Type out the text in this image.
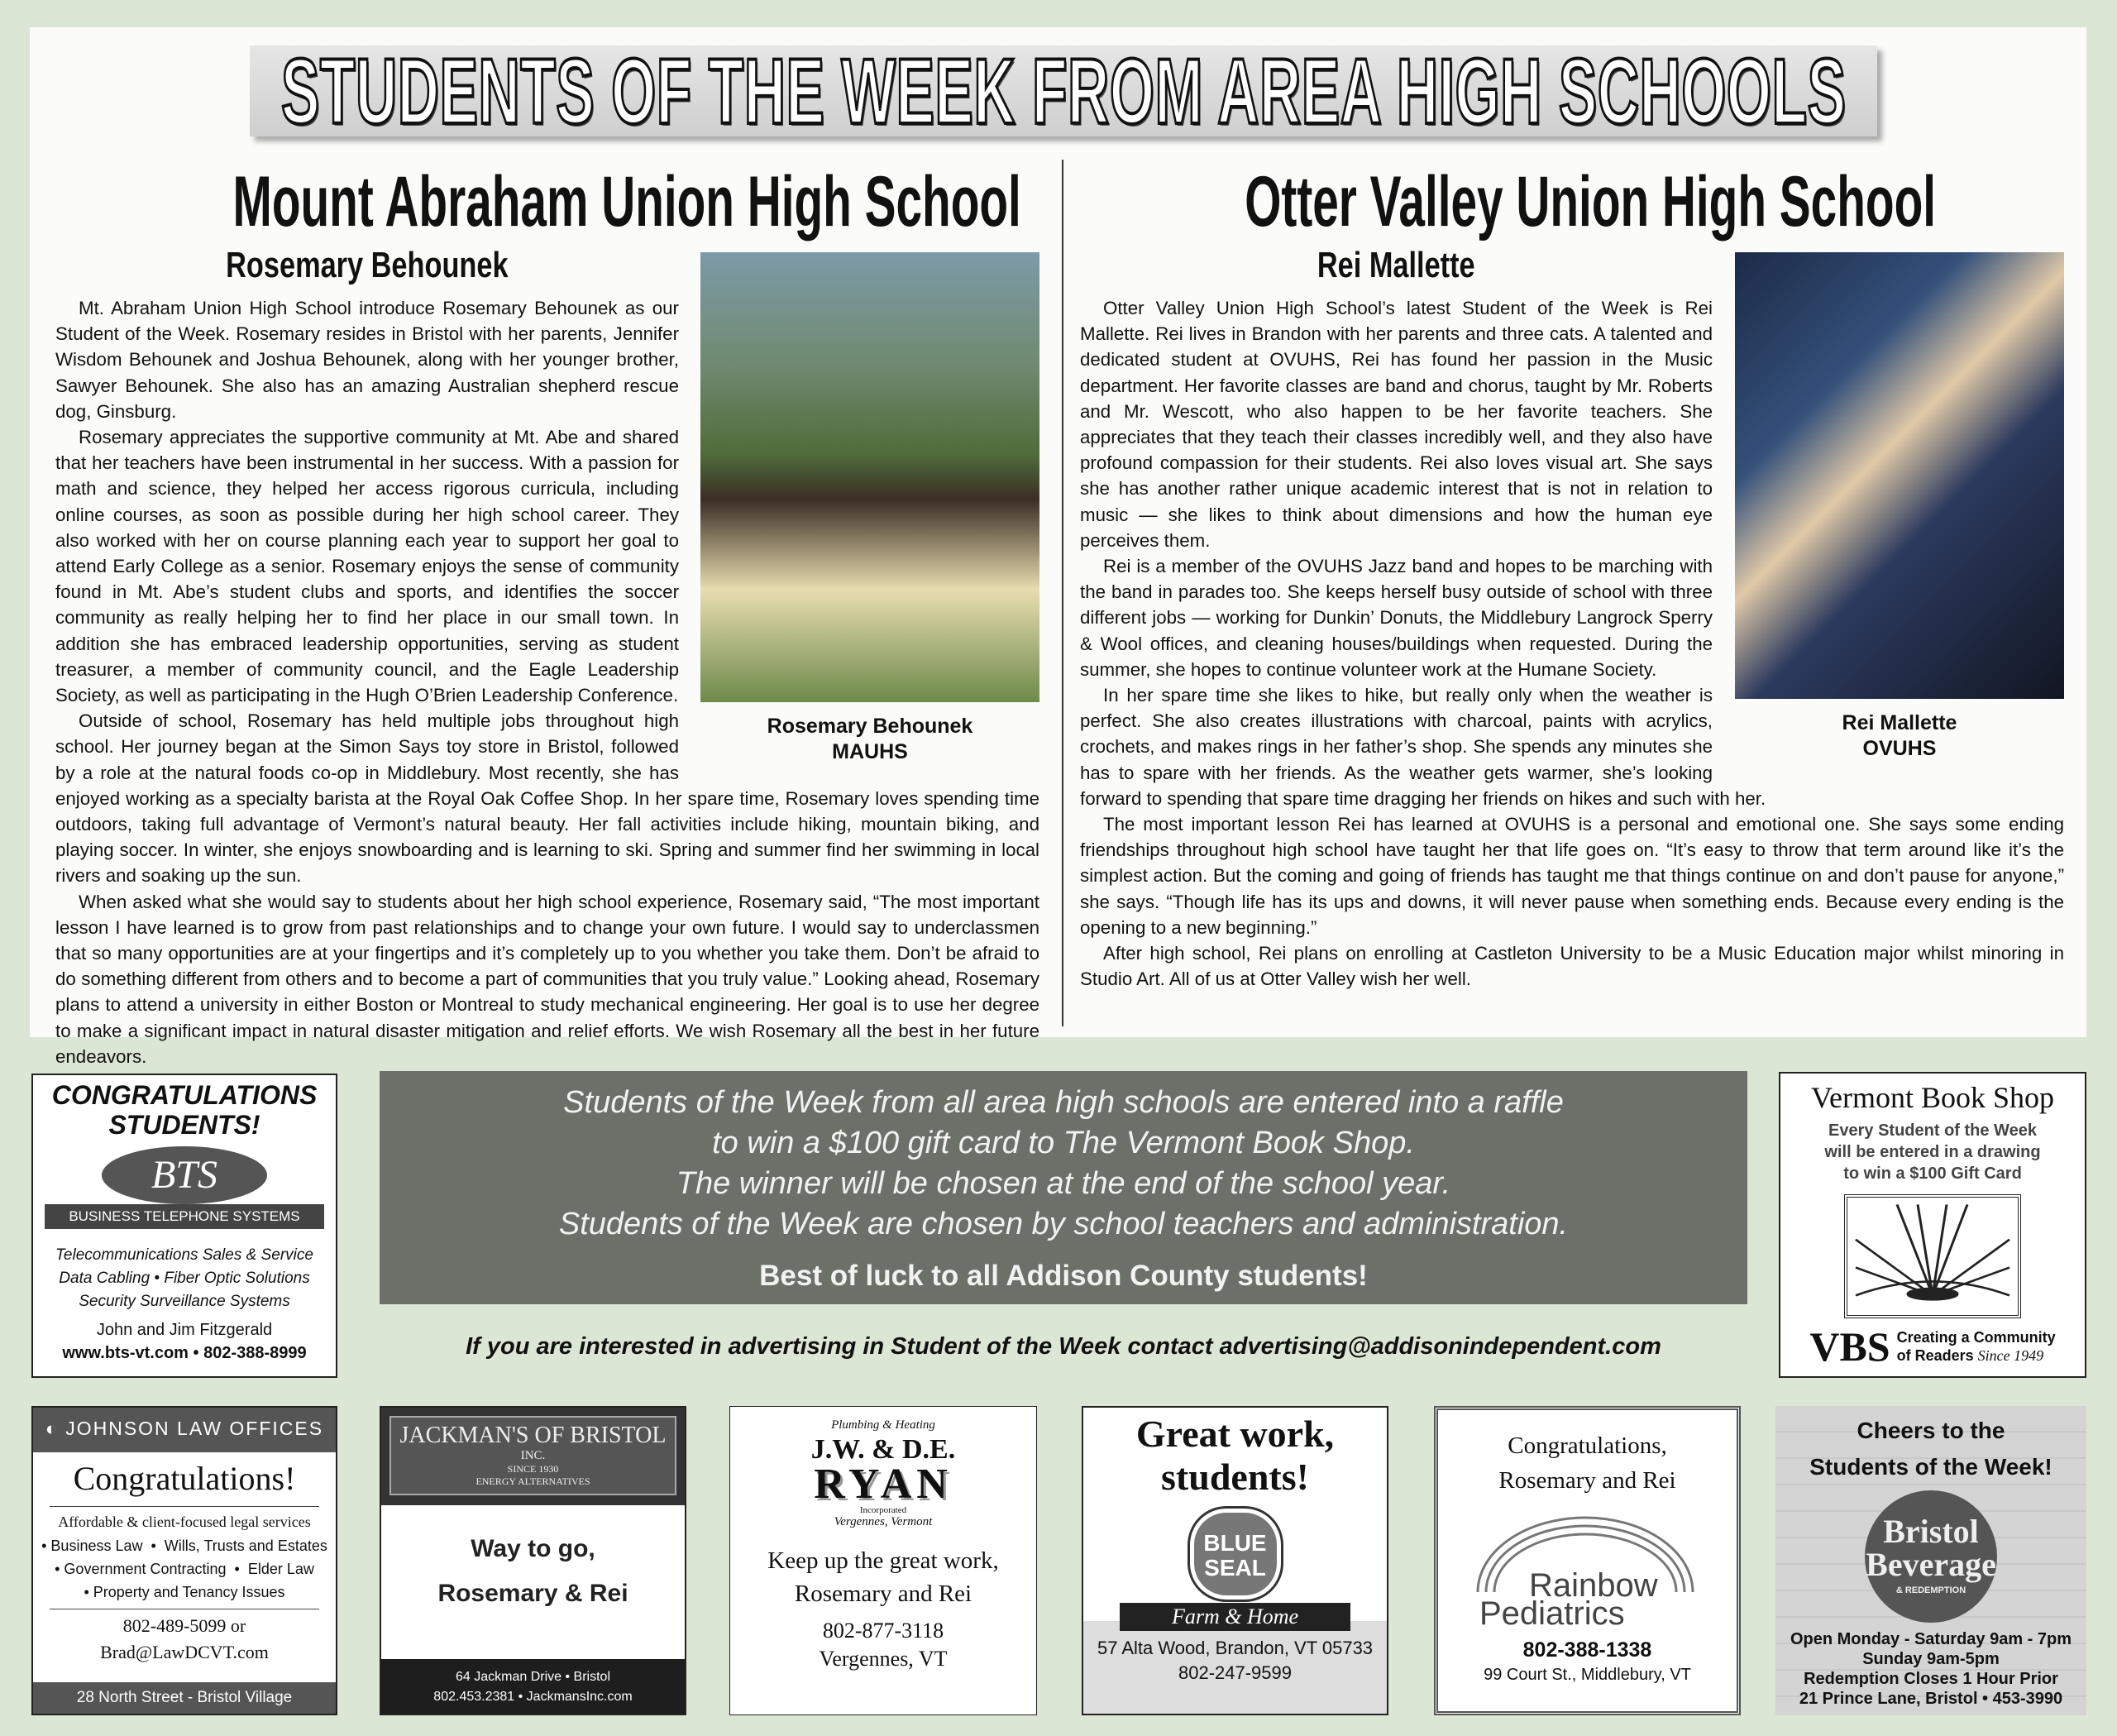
STUDENTS OF THE WEEK FROM AREA HIGH SCHOOLS
Mount Abraham Union High School	Otter Valley Union High School
Rosemary Behounek
MAUHS
Rosemary Behounek

Mt. Abraham Union High School introduce Rosemary Behounek as our Student of the Week. Rosemary resides in Bristol with her parents, Jennifer Wisdom Behounek and Joshua Behounek, along with her younger brother, Sawyer Behounek. She also has an amazing Australian shepherd rescue dog, Ginsburg.

Rosemary appreciates the supportive community at Mt. Abe and shared that her teachers have been instrumental in her success. With a passion for math and science, they helped her access rigorous curricula, including online courses, as soon as possible during her high school career. They also worked with her on course planning each year to support her goal to attend Early College as a senior. Rosemary enjoys the sense of community found in Mt. Abe’s student clubs and sports, and identifies the soccer community as really helping her to find her place in our small town. In addition she has embraced leadership opportunities, serving as student treasurer, a member of community council, and the Eagle Leadership Society, as well as participating in the Hugh O’Brien Leadership Conference.

Outside of school, Rosemary has held multiple jobs throughout high school. Her journey began at the Simon Says toy store in Bristol, followed by a role at the natural foods co-op in Middlebury. Most recently, she has enjoyed working as a specialty barista at the Royal Oak Coffee Shop. In her spare time, Rosemary loves spending time outdoors, taking full advantage of Vermont’s natural beauty. Her fall activities include hiking, mountain biking, and playing soccer. In winter, she enjoys snowboarding and is learning to ski. Spring and summer find her swimming in local rivers and soaking up the sun.

When asked what she would say to students about her high school experience, Rosemary said, “The most important lesson I have learned is to grow from past relationships and to change your own future. I would say to underclassmen that so many opportunities are at your fingertips and it’s completely up to you whether you take them. Don’t be afraid to do something different from others and to become a part of communities that you truly value.” Looking ahead, Rosemary plans to attend a university in either Boston or Montreal to study mechanical engineering. Her goal is to use her degree to make a significant impact in natural disaster mitigation and relief efforts. We wish Rosemary all the best in her future endeavors.

Rei Mallette
OVUHS
Rei Mallette

Otter Valley Union High School’s latest Student of the Week is Rei Mallette. Rei lives in Brandon with her parents and three cats. A talented and dedicated student at OVUHS, Rei has found her passion in the Music department. Her favorite classes are band and chorus, taught by Mr. Roberts and Mr. Wescott, who also happen to be her favorite teachers. She appreciates that they teach their classes incredibly well, and they also have profound compassion for their students. Rei also loves visual art. She says she has another rather unique academic interest that is not in relation to music — she likes to think about dimensions and how the human eye perceives them.

Rei is a member of the OVUHS Jazz band and hopes to be marching with the band in parades too. She keeps herself busy outside of school with three different jobs — working for Dunkin’ Donuts, the Middlebury Langrock Sperry & Wool offices, and cleaning houses/buildings when requested. During the summer, she hopes to continue volunteer work at the Humane Society.

In her spare time she likes to hike, but really only when the weather is perfect. She also creates illustrations with charcoal, paints with acrylics, crochets, and makes rings in her father’s shop. She spends any minutes she has to spare with her friends. As the weather gets warmer, she’s looking forward to spending that spare time dragging her friends on hikes and such with her.

The most important lesson Rei has learned at OVUHS is a personal and emotional one. She says some ending friendships throughout high school have taught her that life goes on. “It’s easy to throw that term around like it’s the simplest action. But the coming and going of friends has taught me that things continue on and don’t pause for anyone,” she says. “Though life has its ups and downs, it will never pause when something ends. Because every ending is the opening to a new beginning.”

After high school, Rei plans on enrolling at Castleton University to be a Music Education major whilst minoring in Studio Art. All of us at Otter Valley wish her well.

CONGRATULATIONS
STUDENTS!
BTS
BUSINESS TELEPHONE SYSTEMS
Telecommunications Sales & Service
Data Cabling • Fiber Optic Solutions
Security Surveillance Systems
John and Jim Fitzgerald
www.bts-vt.com • 802-388-8999
Students of the Week from all area high schools are entered into a raffle
to win a $100 gift card to The Vermont Book Shop.
The winner will be chosen at the end of the school year.
Students of the Week are chosen by school teachers and administration.
Best of luck to all Addison County students!
If you are interested in advertising in Student of the Week contact advertising@addisonindependent.com
Vermont Book Shop
Every Student of the Week
will be entered in a drawing
to win a $100 Gift Card
VBS Creating a Community
of Readers Since 1949
◐ JOHNSON LAW OFFICES
Congratulations!
Affordable & client-focused legal services
• Business Law  •  Wills, Trusts and Estates
• Government Contracting  •  Elder Law
• Property and Tenancy Issues
802-489-5099 or
Brad@LawDCVT.com
28 North Street - Bristol Village
JACKMAN'S OF BRISTOL
INC.
SINCE 1930
ENERGY ALTERNATIVES
Way to go,
Rosemary & Rei
64 Jackman Drive • Bristol
802.453.2381 • JackmansInc.com
Plumbing & Heating
J.W. & D.E.
RYAN
Incorporated
Vergennes, Vermont
Keep up the great work,
Rosemary and Rei
802-877-3118
Vergennes, VT
Great work,
students!
BLUE
SEAL
Farm & Home
57 Alta Wood, Brandon, VT 05733
802-247-9599
Congratulations,
Rosemary and Rei
Rainbow
Pediatrics
802-388-1338
99 Court St., Middlebury, VT
Cheers to the
Students of the Week!
Bristol
Beverage
& REDEMPTION
Open Monday - Saturday 9am - 7pm
Sunday 9am-5pm
Redemption Closes 1 Hour Prior
21 Prince Lane, Bristol • 453-3990
